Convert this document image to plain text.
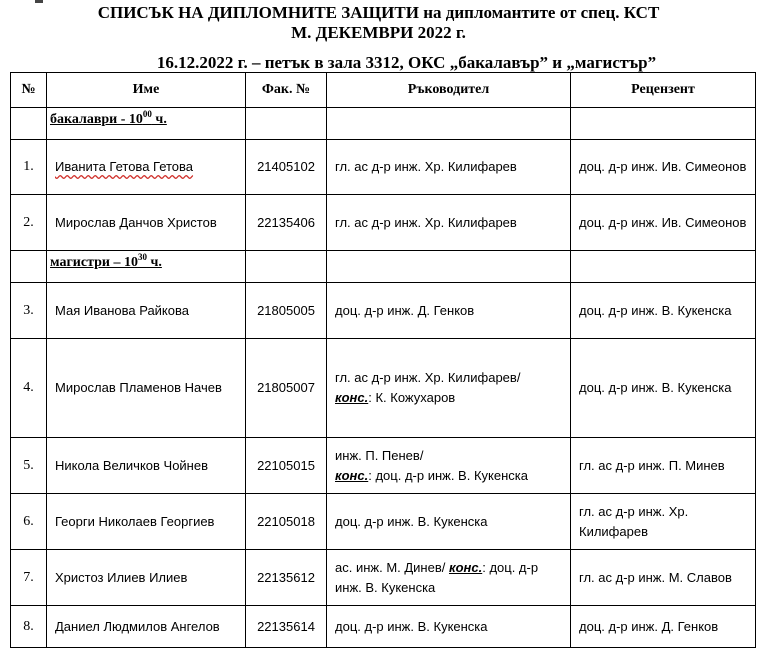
СПИСЪК НА ДИПЛОМНИТЕ ЗАЩИТИ на дипломантите от спец. КСТ
М. ДЕКЕМВРИ 2022 г.
16.12.2022 г. – петък в зала 3312, ОКС „бакалавър” и „магистър”
№	Име	Фак. №	Ръководител	Рецензент
	бакалаври - $10^{00}$ ч.			
1.	Иванита Гетова Гетова	21405102	гл. ас д-р инж. Хр. Килифарев	доц. д-р инж. Ив. Симеонов
2.	Мирослав Данчов Христов	22135406	гл. ас д-р инж. Хр. Килифарев	доц. д-р инж. Ив. Симеонов
	магистри – $10^{30}$ ч.			
3.	Мая Иванова Райкова	21805005	доц. д-р инж. Д. Генков	доц. д-р инж. В. Кукенска
4.	Мирослав Пламенов Начев	21805007	гл. ас д-р инж. Хр. Килифарев/
конс.: К. Кожухаров	доц. д-р инж. В. Кукенска
5.	Никола Величков Чойнев	22105015	инж. П. Пенев/
конс.: доц. д-р инж. В. Кукенска	гл. ас д-р инж. П. Минев
6.	Георги Николаев Георгиев	22105018	доц. д-р инж. В. Кукенска	гл. ас д-р инж. Хр. Килифарев
7.	Христоз Илиев Илиев	22135612	ас. инж. М. Динев/ конс.: доц. д-р инж. В. Кукенска	гл. ас д-р инж. М. Славов
8.	Даниел Людмилов Ангелов	22135614	доц. д-р инж. В. Кукенска	доц. д-р инж. Д. Генков
